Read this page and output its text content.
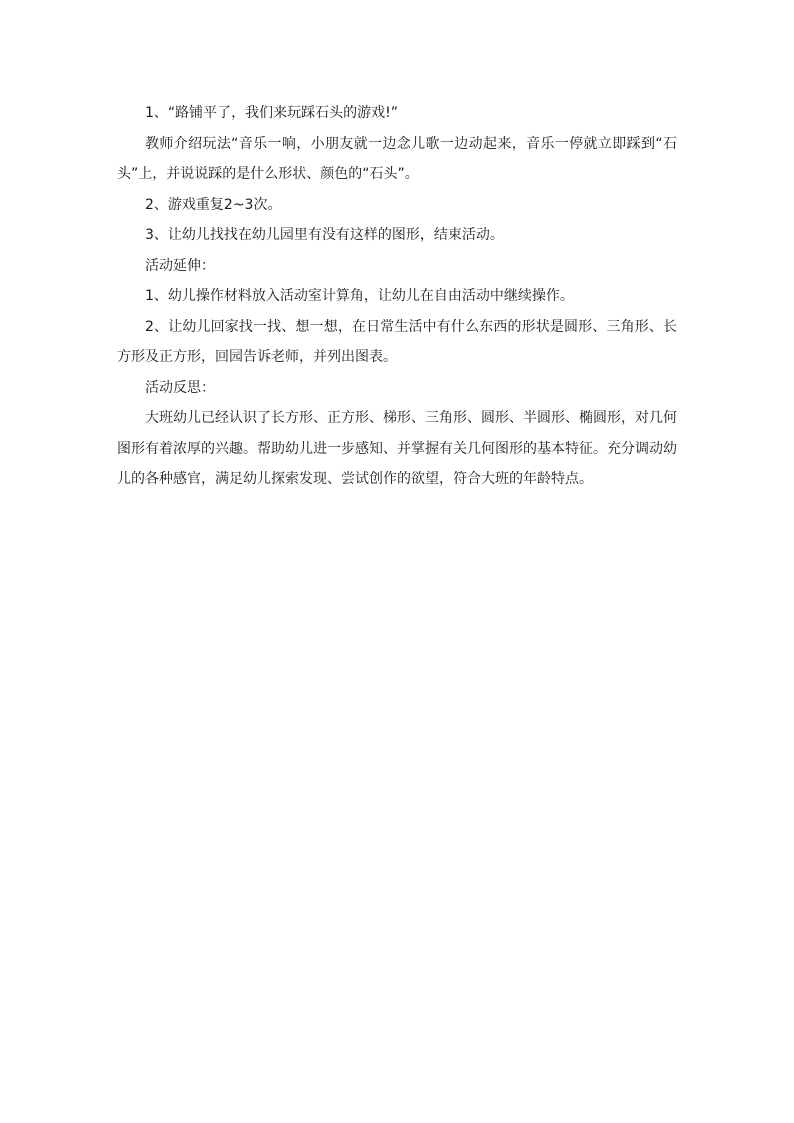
1、“路铺平了，我们来玩踩石头的游戏!”

教师介绍玩法“音乐一响，小朋友就一边念儿歌一边动起来，音乐一停就立即踩到“石头”上，并说说踩的是什么形状、颜色的“石头”。

2、游戏重复2~3次。

3、让幼儿找找在幼儿园里有没有这样的图形，结束活动。

活动延伸：

1、幼儿操作材料放入活动室计算角，让幼儿在自由活动中继续操作。

2、让幼儿回家找一找、想一想，在日常生活中有什么东西的形状是圆形、三角形、长方形及正方形，回园告诉老师，并列出图表。

活动反思：

大班幼儿已经认识了长方形、正方形、梯形、三角形、圆形、半圆形、椭圆形，对几何图形有着浓厚的兴趣。帮助幼儿进一步感知、并掌握有关几何图形的基本特征。充分调动幼儿的各种感官，满足幼儿探索发现、尝试创作的欲望，符合大班的年龄特点。
